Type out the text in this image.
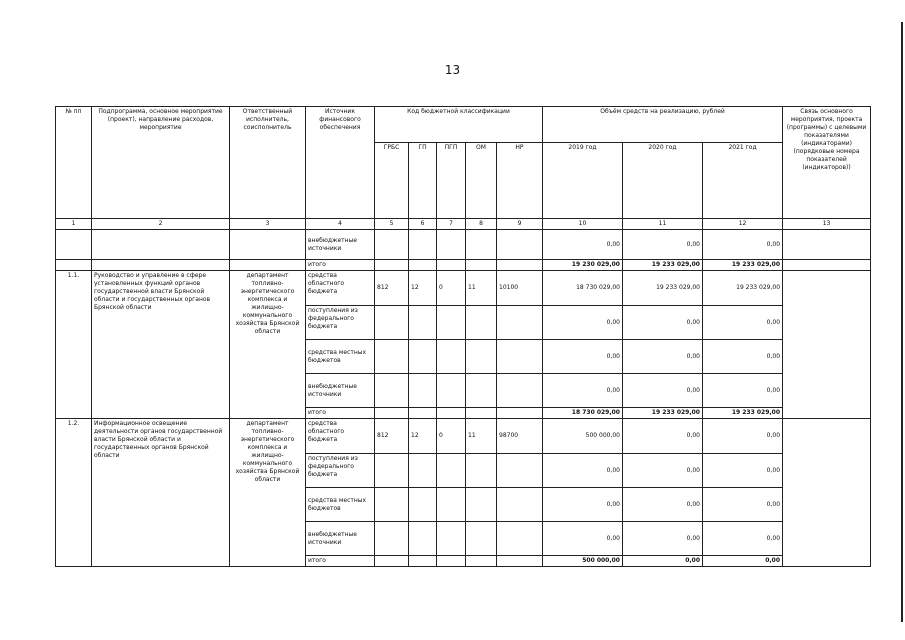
13
№ пп	Подпрограмма, основное мероприятие (проект), направление расходов, мероприятие	Ответственный исполнитель, соисполнитель	Источник финансового обеспечения	Код бюджетной классификации					Объём средств на реализацию, рублей			Связь основного мероприятия, проекта (программы) с целевыми показателями (индикаторами) (порядковые номера показателей (индикаторов))
				ГРБС	ГП	ПГП	ОМ	НР	2019 год	2020 год	2021 год	
1	2	3	4	5	6	7	8	9	10	11	12	13
			внебюджетные источники						0,00	0,00	0,00	
			итого						19 230 029,00	19 233 029,00	19 233 029,00	
1.1.	Руководство и управление в сфере установленных функций органов государственной власти Брянской области и государственных органов Брянской области	департамент топливно-энергетического комплекса и жилищно-коммунального хозяйства Брянской области	средства областного бюджета	812	12	0	11	10100	18 730 029,00	19 233 029,00	19 233 029,00	
			поступления из федерального бюджета						0,00	0,00	0,00	
			средства местных бюджетов						0,00	0,00	0,00	
			внебюджетные источники						0,00	0,00	0,00	
			итого						18 730 029,00	19 233 029,00	19 233 029,00	
1.2.	Информационное освещение деятельности органов государственной власти Брянской области и государственных органов Брянской области	департамент топливно-энергетического комплекса и жилищно-коммунального хозяйства Брянской области	средства областного бюджета	812	12	0	11	98700	500 000,00	0,00	0,00	
			поступления из федерального бюджета						0,00	0,00	0,00	
			средства местных бюджетов						0,00	0,00	0,00	
			внебюджетные источники						0,00	0,00	0,00	
			итого						500 000,00	0,00	0,00	
